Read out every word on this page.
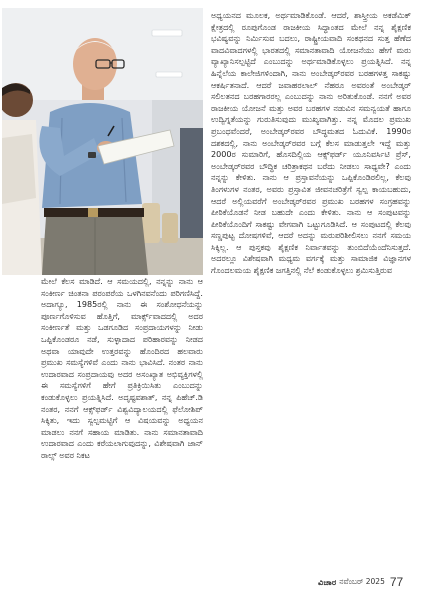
ಅಧ್ಯಯನದ ಮೂಲಕ, ಅರ್ಥಮಾಡಿಕೊಂಡೆ. ಆದರೆ, ಶಾಸ್ತ್ರೀಯ ಅಕಡೆಮಿಕ್ ಕ್ಷೇತ್ರದಲ್ಲಿ ರೂಪುಗೊಂಡ ರಾಜಕೀಯ ಸಿದ್ಧಾಂತದ ಮೇಲೆ ನನ್ನ ಶೈಕ್ಷಣಿಕ ಭವಿಷ್ಯವನ್ನು ನಿರ್ಮಿಸುವ ಬದಲು, ರಾಷ್ಟ್ರೀಯವಾದಿ ಸಂಕಥನದ ಸುತ್ತ ಹೆಣೆದ ವಾದವಿವಾದಗಳಲ್ಲಿ ಭಾರತದಲ್ಲಿ ಸಮಾನತಾವಾದಿ ಯೋಜನೆಯು ಹೇಗೆ ಮರು ವ್ಯಾಖ್ಯಾನಿಸಲ್ಪಟ್ಟಿದೆ ಎಂಬುದನ್ನು ಅರ್ಥಮಾಡಿಕೊಳ್ಳಲು ಪ್ರಯತ್ನಿಸಿದೆ. ನನ್ನ ಹಿನ್ನೆಲೆಯ ಕಾಲೇಜಿಗಳಿಂದಾಗಿ, ನಾನು ಅಂಬೇಡ್ಕರ್‌ರವರ ಬರಹಗಳತ್ತ ಸಾಕಷ್ಟು ಆಕರ್ಷಿತನಾದೆ. ಆದರೆ ಜವಾಹರಲಾಲ್ ನೆಹರೂ ಅವರಂತೆ ಅಂಬೇಡ್ಕರ್ ಸಲಿಲತನದ ಬರಹಗಾರರಲ್ಲ ಎಂಬುದನ್ನು ನಾನು ಅರಿತುಕೊಂಡೆ. ನನಗೆ ಅವರ ರಾಜಕೀಯ ಯೋಜನೆ ಮತ್ತು ಅವರ ಬರಹಗಳ ನಡುವಿನ ಸಮನ್ವಯತೆ ಹಾಗೂ ಉದ್ವಿಗ್ನತೆಯನ್ನು ಗುರುತಿಸುವುದು ಮುಖ್ಯವಾಗಿತ್ತು. ನನ್ನ ಮೊದಲ ಪ್ರಮುಖ ಪ್ರಬಂಧವೆಂದರೆ, ಅಂಬೇಡ್ಕರ್‌ರವರ ಬೌದ್ಧಮತದ ಓದುವಿಕೆ. 1990ರ ದಶಕದಲ್ಲಿ, ನಾನು ಅಂಬೇಡ್ಕರ್‌ರವರ ಬಗ್ಗೆ ಕೆಲಸ ಮಾಡುತ್ತಲೇ ಇದ್ದೆ ಮತ್ತು 2000ರ ಸುಮಾರಿಗೆ, ಹೊಸದಿಲ್ಲಿಯ ಆಕ್ಸ್‌ಫರ್ಡ್ ಯೂನಿವರ್ಸಿಟಿ ಪ್ರೆಸ್, ಅಂಬೇಡ್ಕರ್‌ರವರ ಬೌದ್ಧಿಕ ಚರಿತ್ರಾಕಥನ ಬರೆದು ನೀಡಲು ಸಾಧ್ಯವೇ? ಎಂದು ನನ್ನನ್ನು ಕೇಳಿತು. ನಾನು ಆ ಪ್ರಸ್ತಾವನೆಯನ್ನು ಒಪ್ಪಿಕೊಂಡಿರಲಿಲ್ಲ, ಕೆಲವು ತಿಂಗಳುಗಳ ನಂತರ, ಅವರು ಪ್ರಸ್ತಾವಿತ ಜೀವನಚರಿತ್ರೆಗೆ ಸ್ವಲ್ಪ ಕಾಯಬಹುದು, ಆದರೆ ಅಲ್ಲಿಯವರೆಗೆ ಅಂಬೇಡ್ಕರ್‌ರವರ ಪ್ರಮುಖ ಬರಹಗಳ ಸಂಗ್ರಹವನ್ನು ಪೀಠಿಕೆಯೊಡನೆ ನೀಡ ಬಹುದೇ ಎಂದು ಕೇಳಿತು. ನಾನು ಆ ಸಂಪುಟವನ್ನು ಪೀಠಿಕೆಯೊಂದಿಗೆ ಸಾಕಷ್ಟು ವೇಗವಾಗಿ ಒಟ್ಟುಗೂಡಿಸಿದೆ. ಆ ಸಂಪುಟದಲ್ಲಿ ಕೆಲವು ಸಣ್ಣಪುಟ್ಟ ದೋಷಗಳಿವೆ, ಆದರೆ ಅದನ್ನು ಮರುಪರಿಶೀಲಿಸಲು ನನಗೆ ಸಮಯ ಸಿಕ್ಕಿಲ್ಲ. ಆ ಪುಸ್ತಕವು ಶೈಕ್ಷಣಿಕ ನಿರ್ವಾತವನ್ನು ತುಂಬಿದೆಯೆಂದೆನಿಸುತ್ತದೆ. ಅದರಲ್ಲೂ ವಿಶೇಷವಾಗಿ ಮಧ್ಯಮ ವರ್ಗಕ್ಕೆ ಮತ್ತು ಸಾಮಾಜಿಕ ವಿಜ್ಞಾನಗಳ ಗೊಂದಲಮಯ ಶೈಕ್ಷಣಿಕ ಜಗತ್ತಿನಲ್ಲಿ ನೆಲೆ ಕಂಡುಕೊಳ್ಳಲು ಶ್ರಮಿಸುತ್ತಿರುವ

ಮೇಲೆ ಕೆಲಸ ಮಾಡಿದೆ. ಆ ಸಮಯದಲ್ಲಿ, ನನ್ನನ್ನು ನಾನು ಆ ಸಂಕೀರ್ಣ ಚಿಂತನಾ ಪರಂಪರೆಯ ಒಳಗಿನವನೆಂದು ಪರಿಗಣಿಸಿದ್ದೆ. ಅದಾಗ್ಯೂ, 1985ರಲ್ಲಿ ನಾನು ಈ ಸಂಶೋಧನೆಯನ್ನು ಪೂರ್ಣಗೊಳಿಸುವ ಹೊತ್ತಿಗೆ, ಮಾರ್ಕ್ಸ್‌ವಾದದಲ್ಲಿ ಅದರ ಸಂಕೀರ್ಣತೆ ಮತ್ತು ಒಡಗೂಡಿದ ಸಂಪ್ರದಾಯಗಳನ್ನು ನೀಡು ಒಪ್ಪಿಕೊಂಡರೂ ನಡೆ, ಸುಳ್ಳಾದಾದ ಪರಿಹಾರವನ್ನು ನೀಡದ ಅಥವಾ ಯಾವುದೇ ಉತ್ತರವನ್ನು ಹೊಂದಿರದ ಹಲವಾರು ಪ್ರಮುಖ ಸಮಸ್ಯೆಗಳಿವೆ ಎಂದು ನಾನು ಭಾವಿಸಿದೆ. ನಂತರ ನಾನು ಉದಾರವಾದ ಸಂಪ್ರದಾಯವು ಅದರ ಅಸಂಖ್ಯಾತ ಅಭಿವ್ಯಕ್ತಿಗಳಲ್ಲಿ ಈ ಸಮಸ್ಯೆಗಳಿಗೆ ಹೇಗೆ ಪ್ರತಿಕ್ರಿಯಿಸಿತು ಎಂಬುದನ್ನು ಕಂಡುಕೊಳ್ಳಲು ಪ್ರಯತ್ನಿಸಿದೆ. ಅದೃಷ್ಟವಶಾತ್, ನನ್ನ ಪಿಹೆಚ್.ಡಿ ನಂತರ, ನನಗೆ ಆಕ್ಸ್‌ಫರ್ಡ್ ವಿಶ್ವವಿದ್ಯಾಲಯದಲ್ಲಿ ಫೆಲೋಶಿಪ್ ಸಿಕ್ಕಿತು, ಇದು ಸ್ವಲ್ಪಮಟ್ಟಿಗೆ ಆ ವಿಷಯವನ್ನು ಅಧ್ಯಯನ ಮಾಡಲು ನನಗೆ ಸಹಾಯ ಮಾಡಿತು. ನಾನು ಸಮಾನತಾವಾದಿ ಉದಾರವಾದ ಎಂದು ಕರೆಯಲಾಗುವುದನ್ನು, ವಿಶೇಷವಾಗಿ ಜಾನ್ ರಾಲ್ಸ್ ಅವರ ನಿಕಟ

ವಿಚಾರ ನವೆಂಬರ್ 2025 77
